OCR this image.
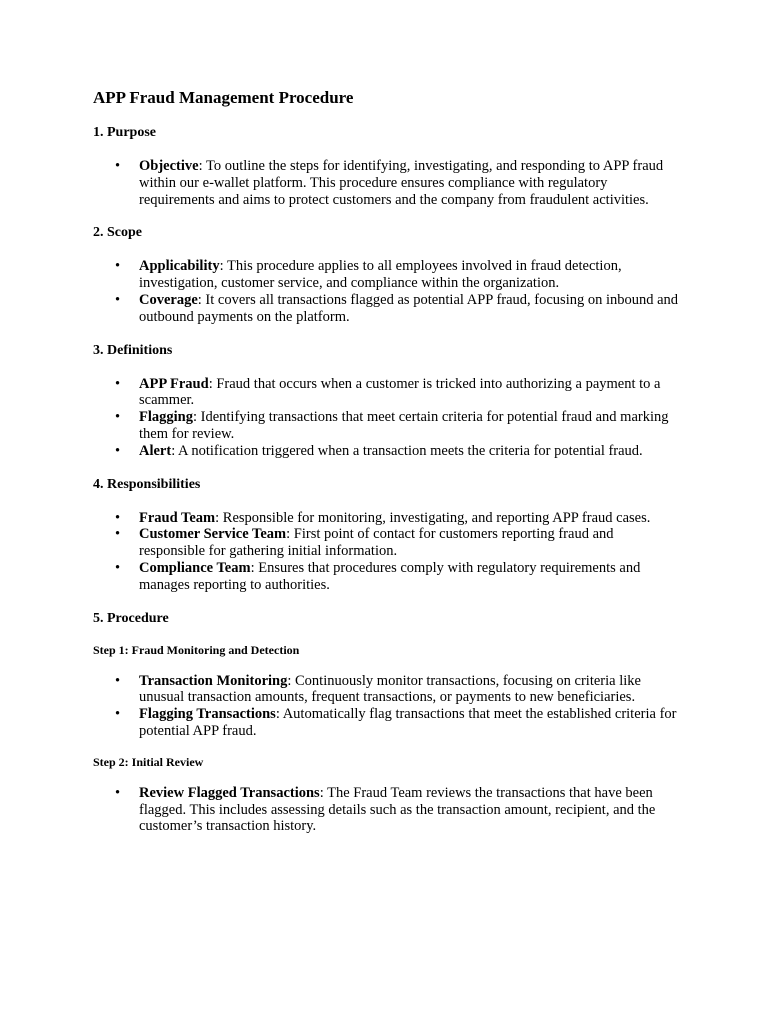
APP Fraud Management Procedure
1. Purpose
• Objective: To outline the steps for identifying, investigating, and responding to APP fraud within our e-wallet platform. This procedure ensures compliance with regulatory requirements and aims to protect customers and the company from fraudulent activities.
2. Scope
• Applicability: This procedure applies to all employees involved in fraud detection, investigation, customer service, and compliance within the organization.
• Coverage: It covers all transactions flagged as potential APP fraud, focusing on inbound and outbound payments on the platform.
3. Definitions
• APP Fraud: Fraud that occurs when a customer is tricked into authorizing a payment to a scammer.
• Flagging: Identifying transactions that meet certain criteria for potential fraud and marking them for review.
• Alert: A notification triggered when a transaction meets the criteria for potential fraud.
4. Responsibilities
• Fraud Team: Responsible for monitoring, investigating, and reporting APP fraud cases.
• Customer Service Team: First point of contact for customers reporting fraud and responsible for gathering initial information.
• Compliance Team: Ensures that procedures comply with regulatory requirements and manages reporting to authorities.
5. Procedure
Step 1: Fraud Monitoring and Detection
• Transaction Monitoring: Continuously monitor transactions, focusing on criteria like unusual transaction amounts, frequent transactions, or payments to new beneficiaries.
• Flagging Transactions: Automatically flag transactions that meet the established criteria for potential APP fraud.
Step 2: Initial Review
• Review Flagged Transactions: The Fraud Team reviews the transactions that have been flagged. This includes assessing details such as the transaction amount, recipient, and the customer’s transaction history.
